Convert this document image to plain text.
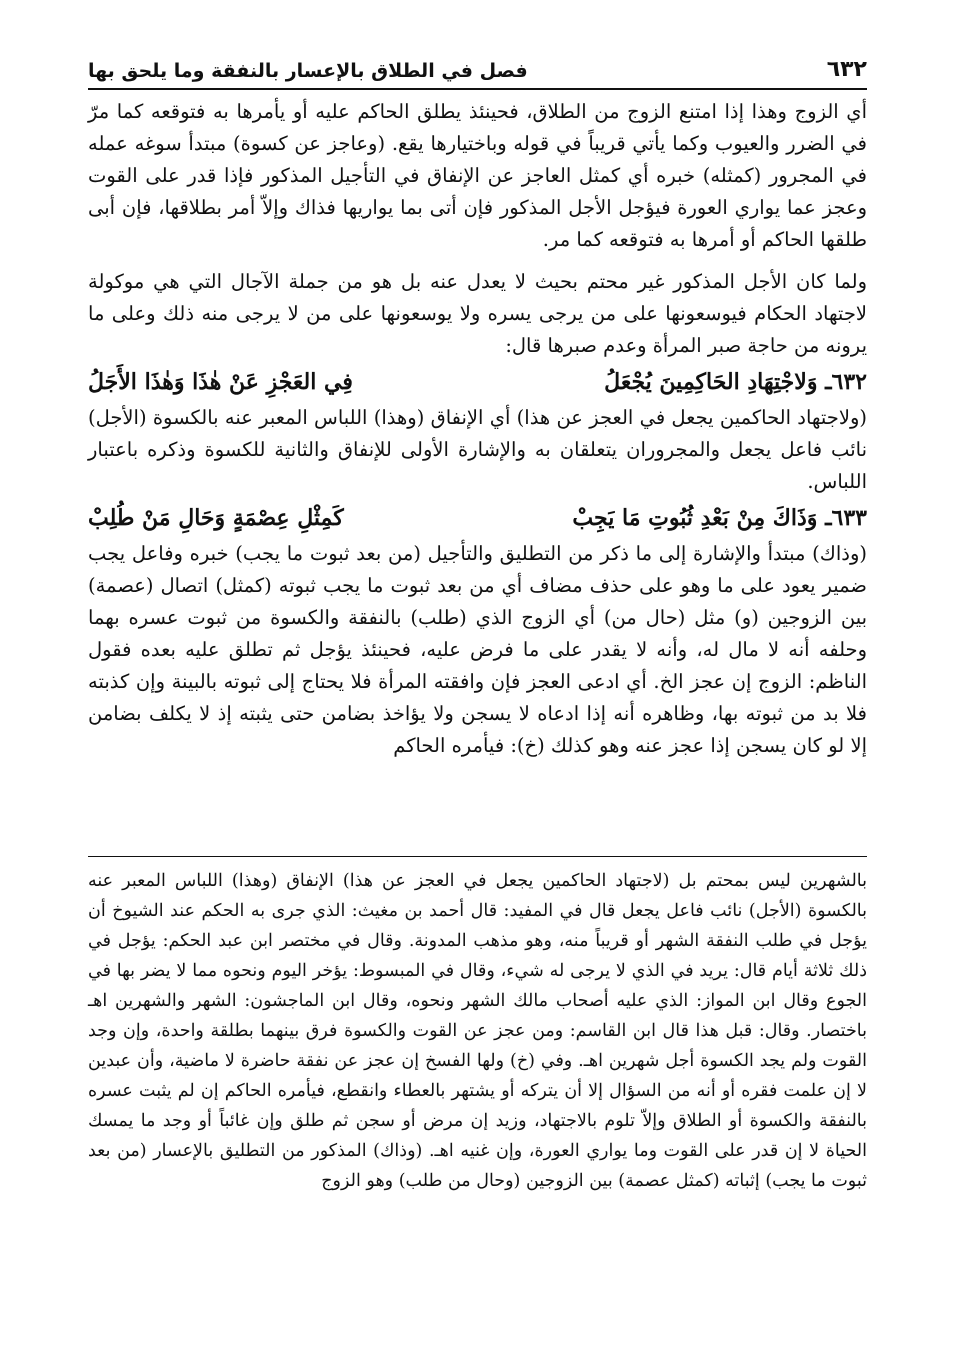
٦٣٢
فصل في الطلاق بالإعسار بالنفقة وما يلحق بها

أي الزوج وهذا إذا امتنع الزوج من الطلاق، فحينئذ يطلق الحاكم عليه أو يأمرها به فتوقعه كما مرّ في الضرر والعيوب وكما يأتي قريباً في قوله وباختيارها يقع. (وعاجز عن كسوة) مبتدأ سوغه عمله في المجرور (كمثله) خبره أي كمثل العاجز عن الإنفاق في التأجيل المذكور فإذا قدر على القوت وعجز عما يواري العورة فيؤجل الأجل المذكور فإن أتى بما يواريها فذاك وإلاّ أمر بطلاقها، فإن أبى طلقها الحاكم أو أمرها به فتوقعه كما مر.

ولما كان الأجل المذكور غير محتم بحيث لا يعدل عنه بل هو من جملة الآجال التي هي موكولة لاجتهاد الحكام فيوسعونها على من يرجى يسره ولا يوسعونها على من لا يرجى منه ذلك وعلى ما يرونه من حاجة صبر المرأة وعدم صبرها قال:

٦٣٢ـ وَلاجْتِهَادِ الحَاكِمِينَ يُجْعَلُ
فِي العَجْزِ عَنْ هٰذَا وَهٰذَا الأَجَلُ

(ولاجتهاد الحاكمين يجعل في العجز عن هذا) أي الإنفاق (وهذا) اللباس المعبر عنه بالكسوة (الأجل) نائب فاعل يجعل والمجروران يتعلقان به والإشارة الأولى للإنفاق والثانية للكسوة وذكره باعتبار اللباس.

٦٣٣ـ وَذَاكَ مِنْ بَعْدِ ثُبُوتِ مَا يَجِبْ
كَمِثْلِ عِصْمَةٍ وَحَالِ مَنْ طُلِبْ

(وذاك) مبتدأ والإشارة إلى ما ذكر من التطليق والتأجيل (من بعد ثبوت ما يجب) خبره وفاعل يجب ضمير يعود على ما وهو على حذف مضاف أي من بعد ثبوت ما يجب ثبوته (كمثل) اتصال (عصمة) بين الزوجين (و) مثل (حال من) أي الزوج الذي (طلب) بالنفقة والكسوة من ثبوت عسره بهما وحلفه أنه لا مال له، وأنه لا يقدر على ما فرض عليه، فحينئذ يؤجل ثم تطلق عليه بعده فقول الناظم: الزوج إن عجز الخ. أي ادعى العجز فإن وافقته المرأة فلا يحتاج إلى ثبوته بالبينة وإن كذبته فلا بد من ثبوته بها، وظاهره أنه إذا ادعاه لا يسجن ولا يؤاخذ بضامن حتى يثبته إذ لا يكلف بضامن إلا لو كان يسجن إذا عجز عنه وهو كذلك (خ): فيأمره الحاكم

بالشهرين ليس بمحتم بل (لاجتهاد الحاكمين يجعل في العجز عن هذا) الإنفاق (وهذا) اللباس المعبر عنه بالكسوة (الأجل) نائب فاعل يجعل قال في المفيد: قال أحمد بن مغيث: الذي جرى به الحكم عند الشيوخ أن يؤجل في طلب النفقة الشهر أو قريباً منه، وهو مذهب المدونة. وقال في مختصر ابن عبد الحكم: يؤجل في ذلك ثلاثة أيام قال: يريد في الذي لا يرجى له شيء، وقال في المبسوط: يؤخر اليوم ونحوه مما لا يضر بها في الجوع وقال ابن المواز: الذي عليه أصحاب مالك الشهر ونحوه، وقال ابن الماجشون: الشهر والشهرين اهـ باختصار. وقال: قبل هذا قال ابن القاسم: ومن عجز عن القوت والكسوة فرق بينهما بطلقة واحدة، وإن وجد القوت ولم يجد الكسوة أجل شهرين اهـ. وفي (خ) ولها الفسخ إن عجز عن نفقة حاضرة لا ماضية، وأن عبدين لا إن علمت فقره أو أنه من السؤال إلا أن يتركه أو يشتهر بالعطاء وانقطع، فيأمره الحاكم إن لم يثبت عسره بالنفقة والكسوة أو الطلاق وإلاّ تلوم بالاجتهاد، وزيد إن مرض أو سجن ثم طلق وإن غائباً أو وجد ما يمسك الحياة لا إن قدر على القوت وما يواري العورة، وإن غنيه اهـ. (وذاك) المذكور من التطليق بالإعسار (من بعد ثبوت ما يجب) إثباته (كمثل عصمة) بين الزوجين (وحال من طلب) وهو الزوج
